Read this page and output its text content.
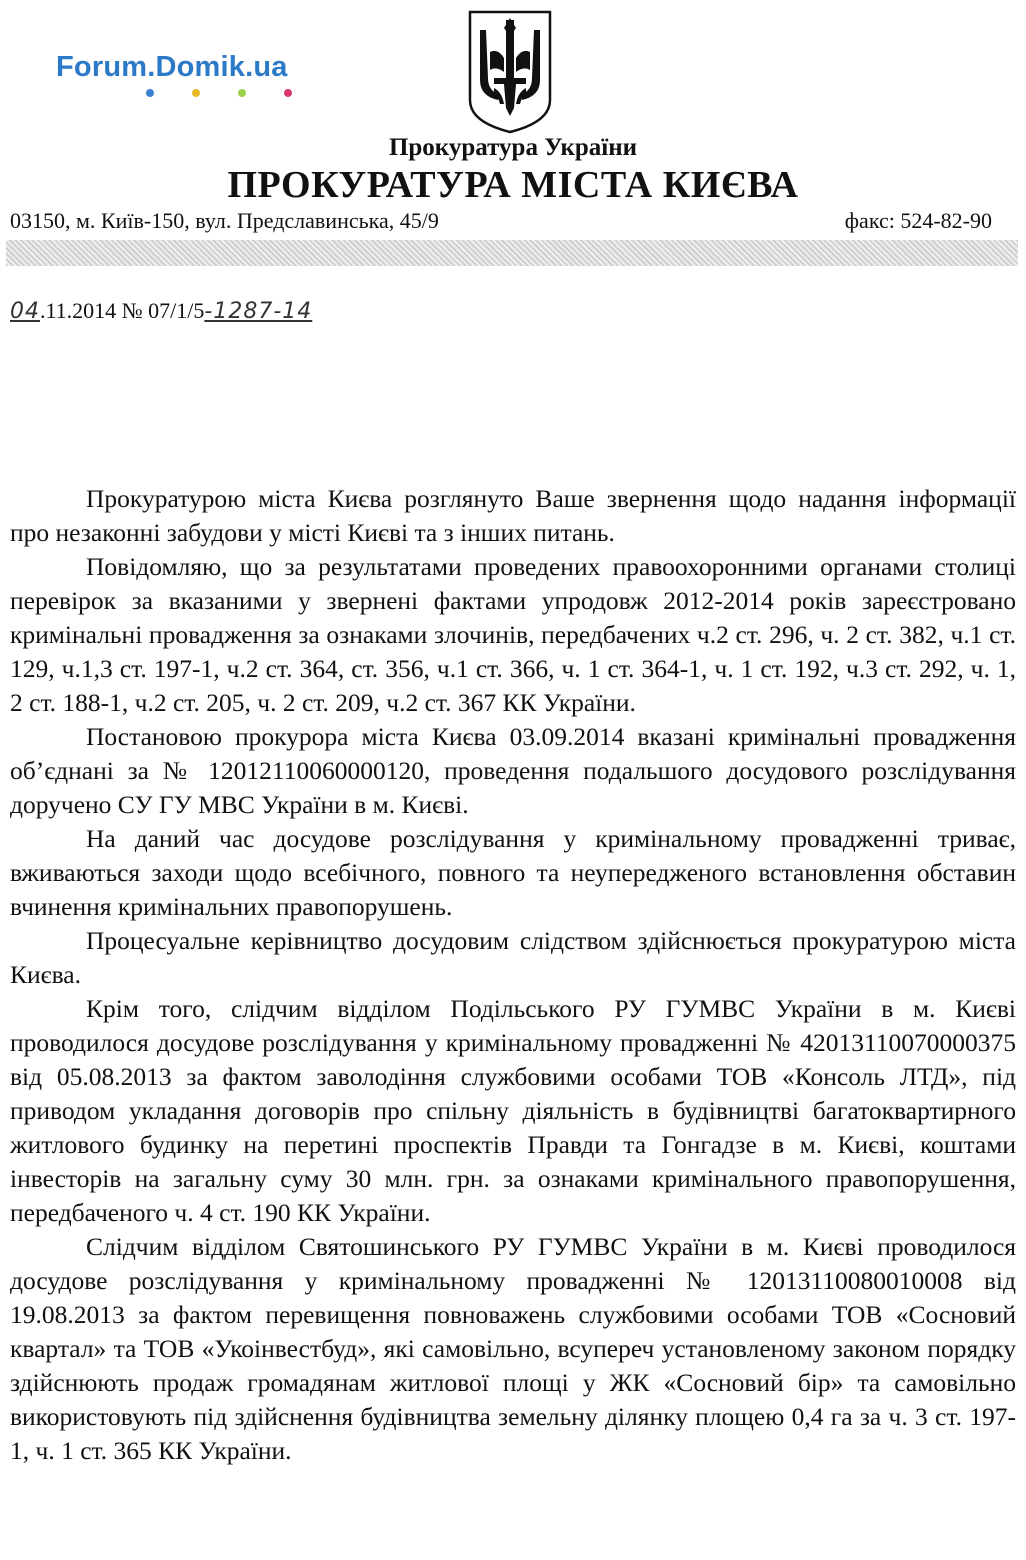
Forum.Domik.ua
Прокуратура України
ПРОКУРАТУРА МІСТА КИЄВА
03150, м. Київ-150, вул. Предславинська, 45/9	факс: 524-82-90
04.11.2014 № 07/1/5-1287-14

Прокуратурою міста Києва розглянуто Ваше звернення щодо надання інформації про незаконні забудови у місті Києві та з інших питань.

Повідомляю, що за результатами проведених правоохоронними органами столиці перевірок за вказаними у звернені фактами упродовж 2012-2014 років зареєстровано кримінальні провадження за ознаками злочинів, передбачених ч.2 ст. 296, ч. 2 ст. 382, ч.1 ст. 129, ч.1,3 ст. 197-1, ч.2 ст. 364, ст. 356, ч.1 ст. 366, ч. 1 ст. 364-1, ч. 1 ст. 192, ч.3 ст. 292, ч. 1, 2 ст. 188-1, ч.2 ст. 205, ч. 2 ст. 209, ч.2 ст. 367 КК України.

Постановою прокурора міста Києва 03.09.2014 вказані кримінальні провадження об’єднані за № 12012110060000120, проведення подальшого досудового розслідування доручено СУ ГУ МВС України в м. Києві.

На даний час досудове розслідування у кримінальному провадженні триває, вживаються заходи щодо всебічного, повного та неупередженого встановлення обставин вчинення кримінальних правопорушень.

Процесуальне керівництво досудовим слідством здійснюється прокуратурою міста Києва.

Крім того, слідчим відділом Подільського РУ ГУМВС України в м. Києві проводилося досудове розслідування у кримінальному провадженні № 42013110070000375 від 05.08.2013 за фактом заволодіння службовими особами ТОВ «Консоль ЛТД», під приводом укладання договорів про спільну діяльність в будівництві багатоквартирного житлового будинку на перетині проспектів Правди та Гонгадзе в м. Києві, коштами інвесторів на загальну суму 30 млн. грн. за ознаками кримінального правопорушення, передбаченого ч. 4 ст. 190 КК України.

Слідчим відділом Святошинського РУ ГУМВС України в м. Києві проводилося досудове розслідування у кримінальному провадженні № 12013110080010008 від 19.08.2013 за фактом перевищення повноважень службовими особами ТОВ «Сосновий квартал» та ТОВ «Укоінвестбуд», які самовільно, всупереч установленому законом порядку здійснюють продаж громадянам житлової площі у ЖК «Сосновий бір» та самовільно використовують під здійснення будівництва земельну ділянку площею 0,4 га за ч. 3 ст. 197-1, ч. 1 ст. 365 КК України.
